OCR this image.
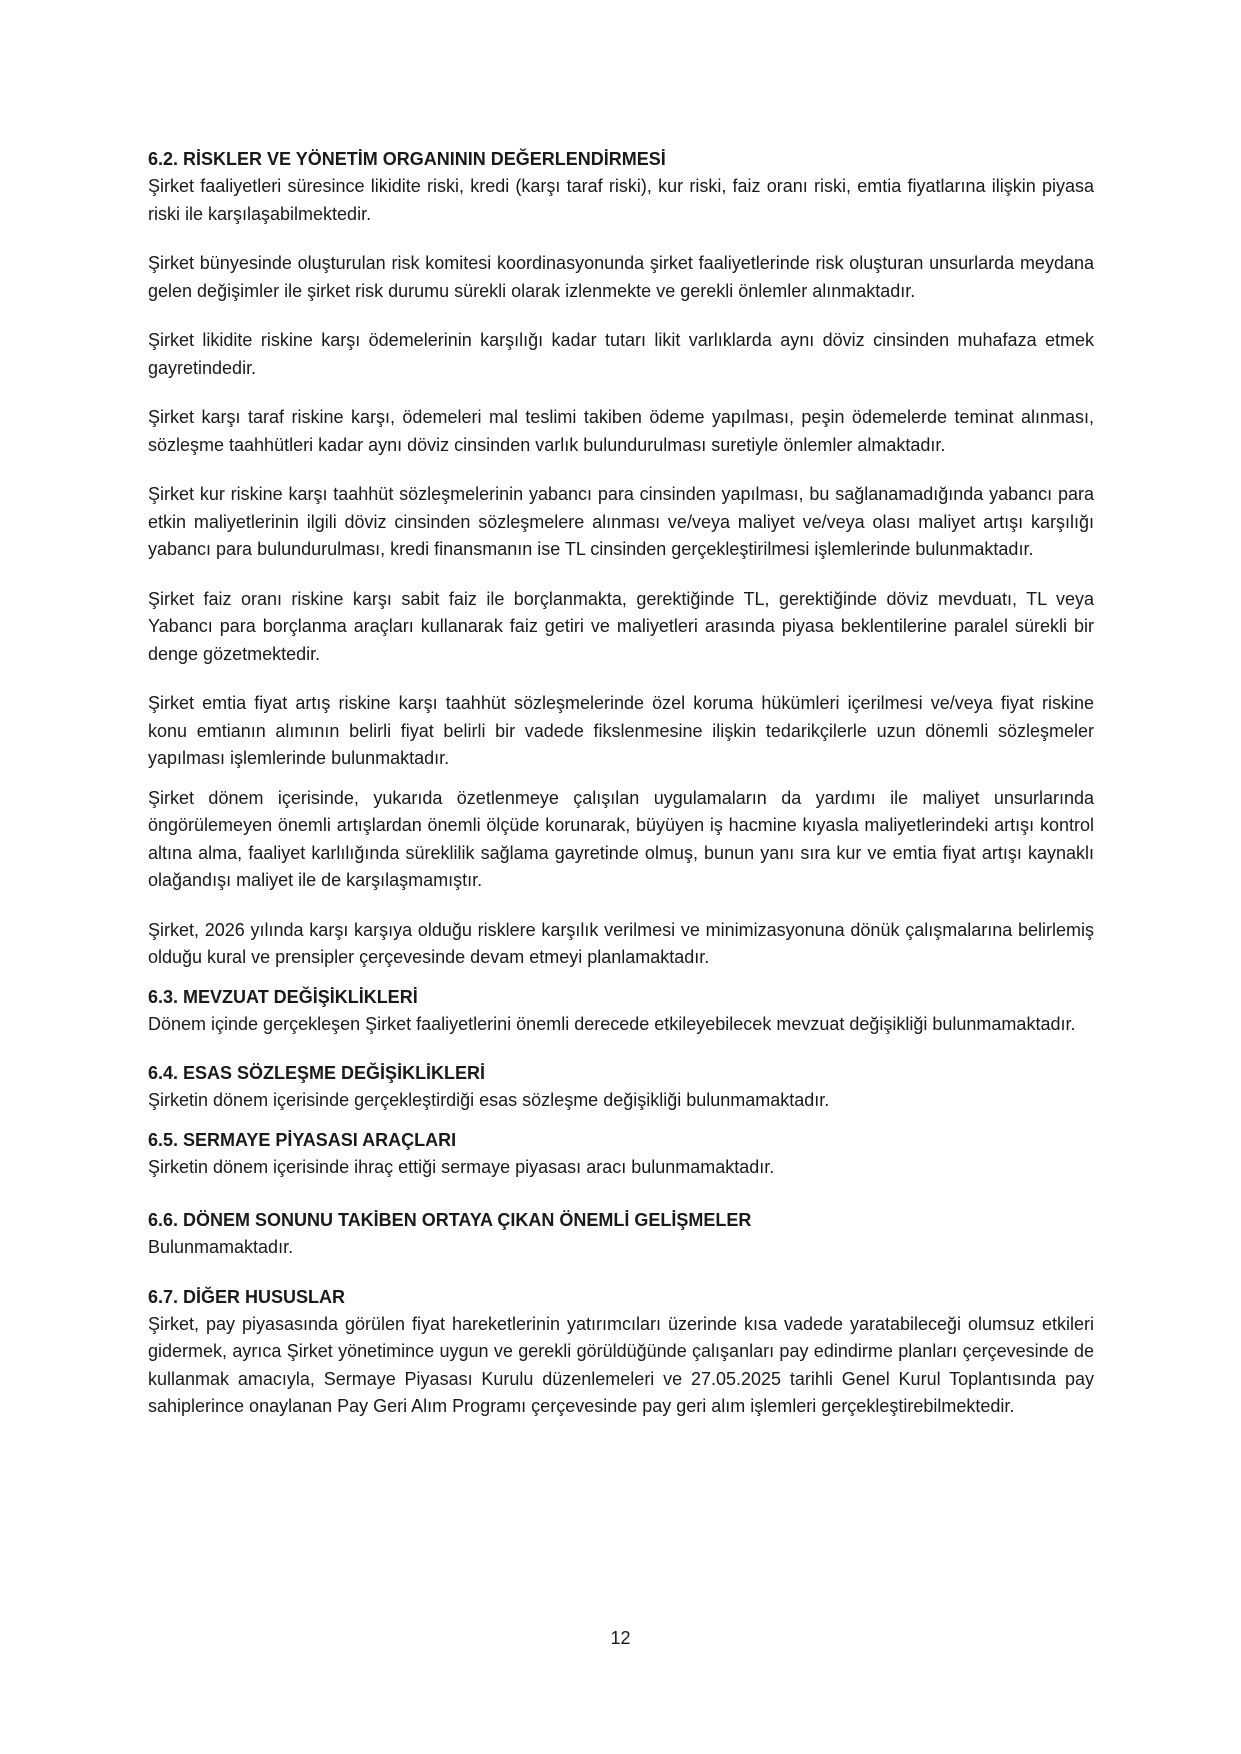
6.2. RİSKLER VE YÖNETİM ORGANININ DEĞERLENDİRMESİ

Şirket faaliyetleri süresince likidite riski, kredi (karşı taraf riski), kur riski, faiz oranı riski, emtia fiyatlarına ilişkin piyasa riski ile karşılaşabilmektedir.

Şirket bünyesinde oluşturulan risk komitesi koordinasyonunda şirket faaliyetlerinde risk oluşturan unsurlarda meydana gelen değişimler ile şirket risk durumu sürekli olarak izlenmekte ve gerekli önlemler alınmaktadır.

Şirket likidite riskine karşı ödemelerinin karşılığı kadar tutarı likit varlıklarda aynı döviz cinsinden muhafaza etmek gayretindedir.

Şirket karşı taraf riskine karşı, ödemeleri mal teslimi takiben ödeme yapılması, peşin ödemelerde teminat alınması, sözleşme taahhütleri kadar aynı döviz cinsinden varlık bulundurulması suretiyle önlemler almaktadır.

Şirket kur riskine karşı taahhüt sözleşmelerinin yabancı para cinsinden yapılması, bu sağlanamadığında yabancı para etkin maliyetlerinin ilgili döviz cinsinden sözleşmelere alınması ve/veya maliyet ve/veya olası maliyet artışı karşılığı yabancı para bulundurulması, kredi finansmanın ise TL cinsinden gerçekleştirilmesi işlemlerinde bulunmaktadır.

Şirket faiz oranı riskine karşı sabit faiz ile borçlanmakta, gerektiğinde TL, gerektiğinde döviz mevduatı, TL veya Yabancı para borçlanma araçları kullanarak faiz getiri ve maliyetleri arasında piyasa beklentilerine paralel sürekli bir denge gözetmektedir.

Şirket emtia fiyat artış riskine karşı taahhüt sözleşmelerinde özel koruma hükümleri içerilmesi ve/veya fiyat riskine konu emtianın alımının belirli fiyat belirli bir vadede fikslenmesine ilişkin tedarikçilerle uzun dönemli sözleşmeler yapılması işlemlerinde bulunmaktadır.

Şirket dönem içerisinde, yukarıda özetlenmeye çalışılan uygulamaların da yardımı ile maliyet unsurlarında öngörülemeyen önemli artışlardan önemli ölçüde korunarak, büyüyen iş hacmine kıyasla maliyetlerindeki artışı kontrol altına alma, faaliyet karlılığında süreklilik sağlama gayretinde olmuş, bunun yanı sıra kur ve emtia fiyat artışı kaynaklı olağandışı maliyet ile de karşılaşmamıştır.

Şirket, 2026 yılında karşı karşıya olduğu risklere karşılık verilmesi ve minimizasyonuna dönük çalışmalarına belirlemiş olduğu kural ve prensipler çerçevesinde devam etmeyi planlamaktadır.

6.3. MEVZUAT DEĞİŞİKLİKLERİ

Dönem içinde gerçekleşen Şirket faaliyetlerini önemli derecede etkileyebilecek mevzuat değişikliği bulunmamaktadır.

6.4. ESAS SÖZLEŞME DEĞİŞİKLİKLERİ

Şirketin dönem içerisinde gerçekleştirdiği esas sözleşme değişikliği bulunmamaktadır.

6.5. SERMAYE PİYASASI ARAÇLARI

Şirketin dönem içerisinde ihraç ettiği sermaye piyasası aracı bulunmamaktadır.

6.6. DÖNEM SONUNU TAKİBEN ORTAYA ÇIKAN ÖNEMLİ GELİŞMELER

Bulunmamaktadır.

6.7. DİĞER HUSUSLAR

Şirket, pay piyasasında görülen fiyat hareketlerinin yatırımcıları üzerinde kısa vadede yaratabileceği olumsuz etkileri gidermek, ayrıca Şirket yönetimince uygun ve gerekli görüldüğünde çalışanları pay edindirme planları çerçevesinde de kullanmak amacıyla, Sermaye Piyasası Kurulu düzenlemeleri ve 27.05.2025 tarihli Genel Kurul Toplantısında pay sahiplerince onaylanan Pay Geri Alım Programı çerçevesinde pay geri alım işlemleri gerçekleştirebilmektedir.

12
